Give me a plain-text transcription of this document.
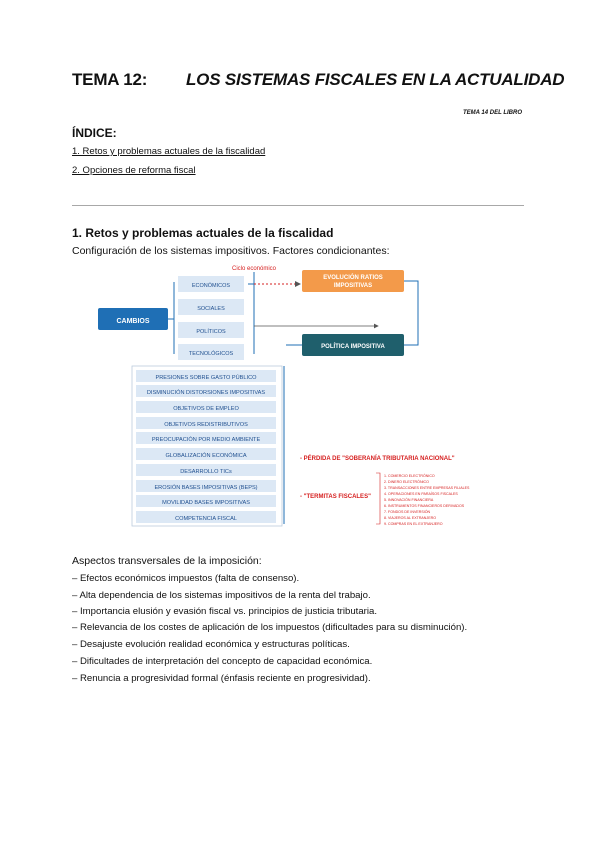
TEMA 12: LOS SISTEMAS FISCALES EN LA ACTUALIDAD
TEMA 14 DEL LIBRO
ÍNDICE:
1. Retos y problemas actuales de la fiscalidad
2. Opciones de reforma fiscal
1. Retos y problemas actuales de la fiscalidad
Configuración de los sistemas impositivos. Factores condicionantes:
CAMBIOS
Ciclo económico
ECONÓMICOS
SOCIALES
POLÍTICOS
TECNOLÓGICOS
EVOLUCIÓN RATIOS IMPOSITIVAS
POLÍTICA IMPOSITIVA
PRESIONES SOBRE GASTO PÚBLICO
DISMINUCIÓN DISTORSIONES IMPOSITIVAS
OBJETIVOS DE EMPLEO
OBJETIVOS REDISTRIBUTIVOS
PREOCUPACIÓN POR MEDIO AMBIENTE
GLOBALIZACIÓN ECONÓMICA
DESARROLLO TICs
EROSIÓN BASES IMPOSITIVAS (BEPS)
MOVILIDAD BASES IMPOSITIVAS
COMPETENCIA FISCAL
- PÉRDIDA DE "SOBERANÍA TRIBUTARIA NACIONAL"
- "TERMITAS FISCALES"
1. COMERCIO ELECTRÓNICO
2. DINERO ELECTRÓNICO
3. TRANSACCIONES ENTRE EMPRESAS FILIALES
4. OPERACIONES EN PARAÍSOS FISCALES
5. INNOVACIÓN FINANCIERA
6. INSTRUMENTOS FINANCIEROS DERIVADOS
7. FONDOS DE INVERSIÓN
8. VIAJEROS AL EXTRANJERO
9. COMPRAS EN EL EXTRANJERO
Aspectos transversales de la imposición:
– Efectos económicos impuestos (falta de consenso).
– Alta dependencia de los sistemas impositivos de la renta del trabajo.
– Importancia elusión y evasión fiscal vs. principios de justicia tributaria.
– Relevancia de los costes de aplicación de los impuestos (dificultades para su disminución).
– Desajuste evolución realidad económica y estructuras políticas.
– Dificultades de interpretación del concepto de capacidad económica.
– Renuncia a progresividad formal (énfasis reciente en progresividad).
